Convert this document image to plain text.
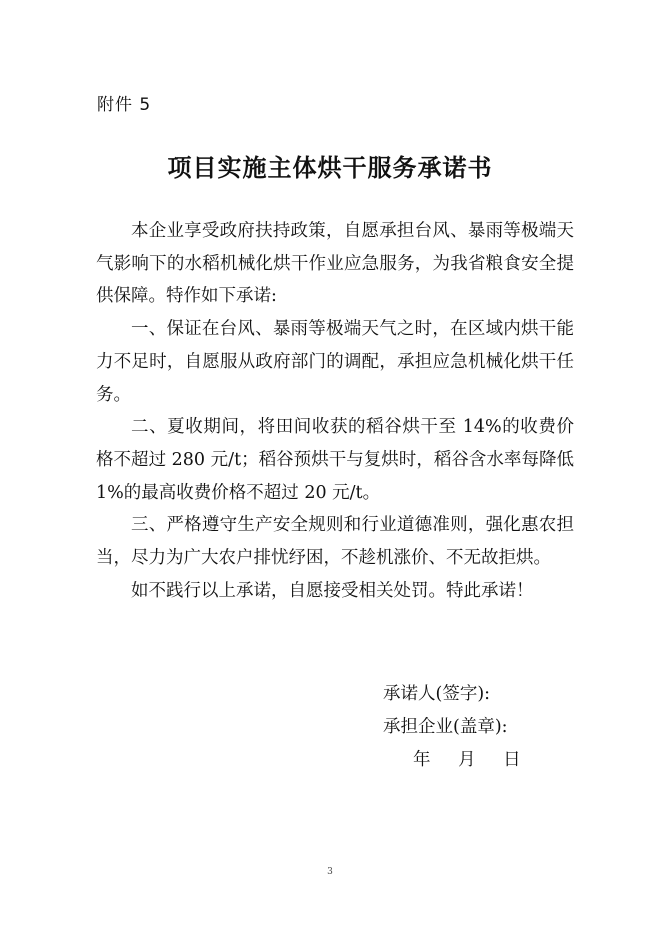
附件 5
项目实施主体烘干服务承诺书

本企业享受政府扶持政策，自愿承担台风、暴雨等极端天气影响下的水稻机械化烘干作业应急服务，为我省粮食安全提供保障。特作如下承诺:

一、保证在台风、暴雨等极端天气之时，在区域内烘干能力不足时，自愿服从政府部门的调配，承担应急机械化烘干任务。

二、夏收期间，将田间收获的稻谷烘干至 14%的收费价格不超过 280 元/t；稻谷预烘干与复烘时，稻谷含水率每降低 1%的最高收费价格不超过 20 元/t。

三、严格遵守生产安全规则和行业道德准则，强化惠农担当，尽力为广大农户排忧纾困，不趁机涨价、不无故拒烘。

如不践行以上承诺，自愿接受相关处罚。特此承诺！

承诺人(签字):
承担企业(盖章):
年 月 日
3
